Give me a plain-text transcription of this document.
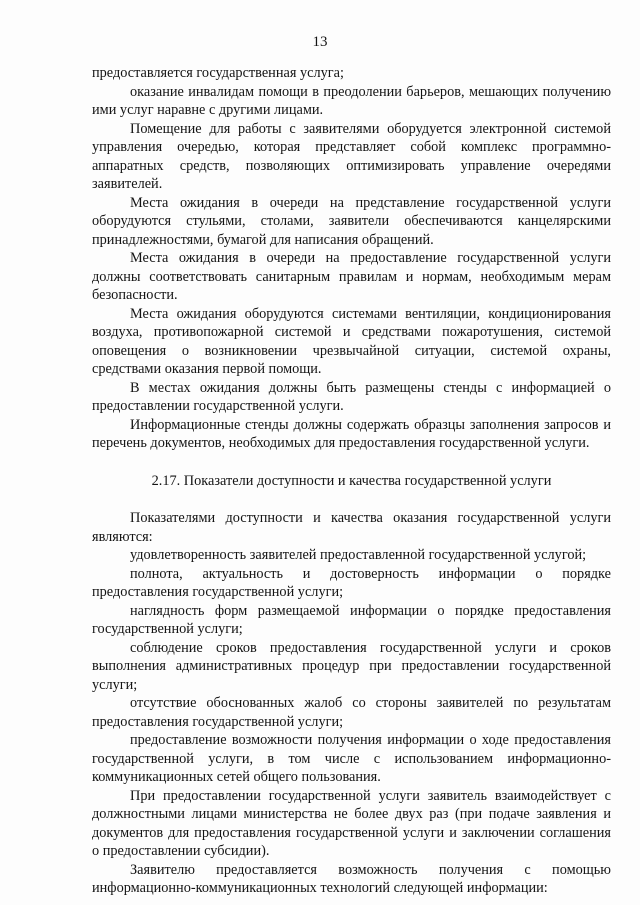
13

предоставляется государственная услуга;

оказание инвалидам помощи в преодолении барьеров, мешающих получению ими услуг наравне с другими лицами.

Помещение для работы с заявителями оборудуется электронной системой управления очередью, которая представляет собой комплекс программно-аппаратных средств, позволяющих оптимизировать управление очередями заявителей.

Места ожидания в очереди на представление государственной услуги оборудуются стульями, столами, заявители обеспечиваются канцелярскими принадлежностями, бумагой для написания обращений.

Места ожидания в очереди на предоставление государственной услуги должны соответствовать санитарным правилам и нормам, необходимым мерам безопасности.

Места ожидания оборудуются системами вентиляции, кондиционирования воздуха, противопожарной системой и средствами пожаротушения, системой оповещения о возникновении чрезвычайной ситуации, системой охраны, средствами оказания первой помощи.

В местах ожидания должны быть размещены стенды с информацией о предоставлении государственной услуги.

Информационные стенды должны содержать образцы заполнения запросов и перечень документов, необходимых для предоставления государственной услуги.

2.17. Показатели доступности и качества государственной услуги

Показателями доступности и качества оказания государственной услуги являются:

удовлетворенность заявителей предоставленной государственной услугой;

полнота, актуальность и достоверность информации о порядке предоставления государственной услуги;

наглядность форм размещаемой информации о порядке предоставления государственной услуги;

соблюдение сроков предоставления государственной услуги и сроков выполнения административных процедур при предоставлении государственной услуги;

отсутствие обоснованных жалоб со стороны заявителей по результатам предоставления государственной услуги;

предоставление возможности получения информации о ходе предоставления государственной услуги, в том числе с использованием информационно-коммуникационных сетей общего пользования.

При предоставлении государственной услуги заявитель взаимодействует с должностными лицами министерства не более двух раз (при подаче заявления и документов для предоставления государственной услуги и заключении соглашения о предоставлении субсидии).

Заявителю предоставляется возможность получения с помощью информационно-коммуникационных технологий следующей информации:
